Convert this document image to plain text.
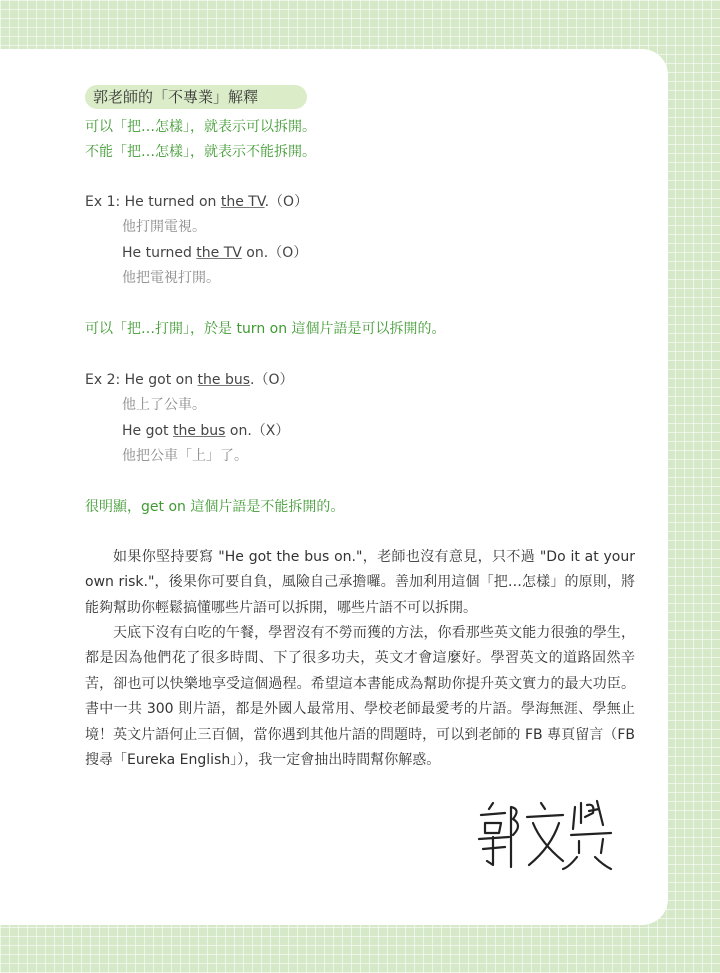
郭老師的「不專業」解釋
可以「把…怎樣」，就表示可以拆開。
不能「把…怎樣」，就表示不能拆開。
Ex 1: He turned on the TV.（O）
他打開電視。
He turned the TV on.（O）
他把電視打開。
可以「把…打開」，於是 turn on 這個片語是可以拆開的。
Ex 2: He got on the bus.（O）
他上了公車。
He got the bus on.（X）
他把公車「上」了。
很明顯，get on 這個片語是不能拆開的。
如果你堅持要寫 "He got the bus on."，老師也沒有意見，只不過 "Do it at your own risk."，後果你可要自負，風險自己承擔囉。善加利用這個「把…怎樣」的原則，將能夠幫助你輕鬆搞懂哪些片語可以拆開，哪些片語不可以拆開。
天底下沒有白吃的午餐，學習沒有不勞而獲的方法，你看那些英文能力很強的學生，都是因為他們花了很多時間、下了很多功夫，英文才會這麼好。學習英文的道路固然辛苦，卻也可以快樂地享受這個過程。希望這本書能成為幫助你提升英文實力的最大功臣。書中一共 300 則片語，都是外國人最常用、學校老師最愛考的片語。學海無涯、學無止境！英文片語何止三百個，當你遇到其他片語的問題時，可以到老師的 FB 專頁留言（FB 搜尋「Eureka English」），我一定會抽出時間幫你解惑。
